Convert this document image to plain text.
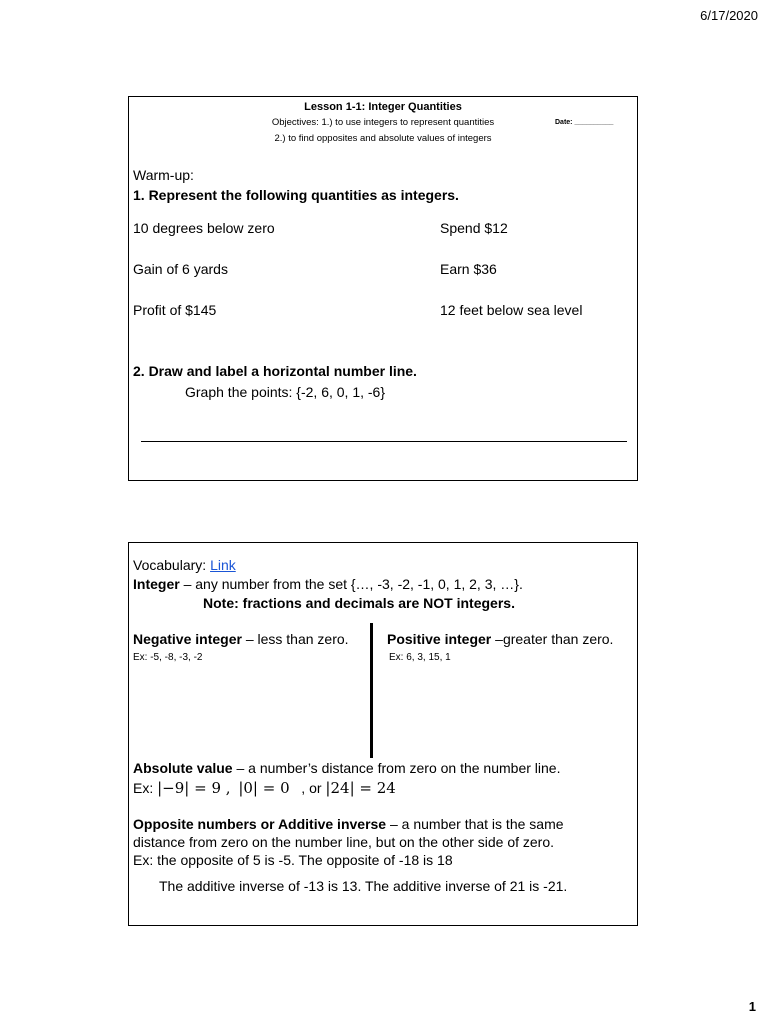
6/17/2020
Lesson 1-1: Integer Quantities
Objectives: 1.) to use integers to represent quantities
2.) to find opposites and absolute values of integers
Date: __________
Warm-up:
1. Represent the following quantities as integers.
10 degrees below zero	Spend $12
Gain of 6 yards	Earn $36
Profit of $145	12 feet below sea level
2. Draw and label a horizontal number line.
Graph the points: {-2, 6, 0, 1, -6}
Vocabulary: Link
Integer – any number from the set {…, -3, -2, -1, 0, 1, 2, 3, …}.
Note: fractions and decimals are NOT integers.
Negative integer – less than zero.
Ex: -5, -8, -3, -2
Positive integer –greater than zero.
Ex: 6, 3, 15, 1
Absolute value – a number’s distance from zero on the number line.
Ex: |−9| = 9 , |0| = 0 , or |24| = 24
Opposite numbers or Additive inverse – a number that is the same
distance from zero on the number line, but on the other side of zero.
Ex: the opposite of 5 is -5. The opposite of -18 is 18
The additive inverse of -13 is 13. The additive inverse of 21 is -21.
1
